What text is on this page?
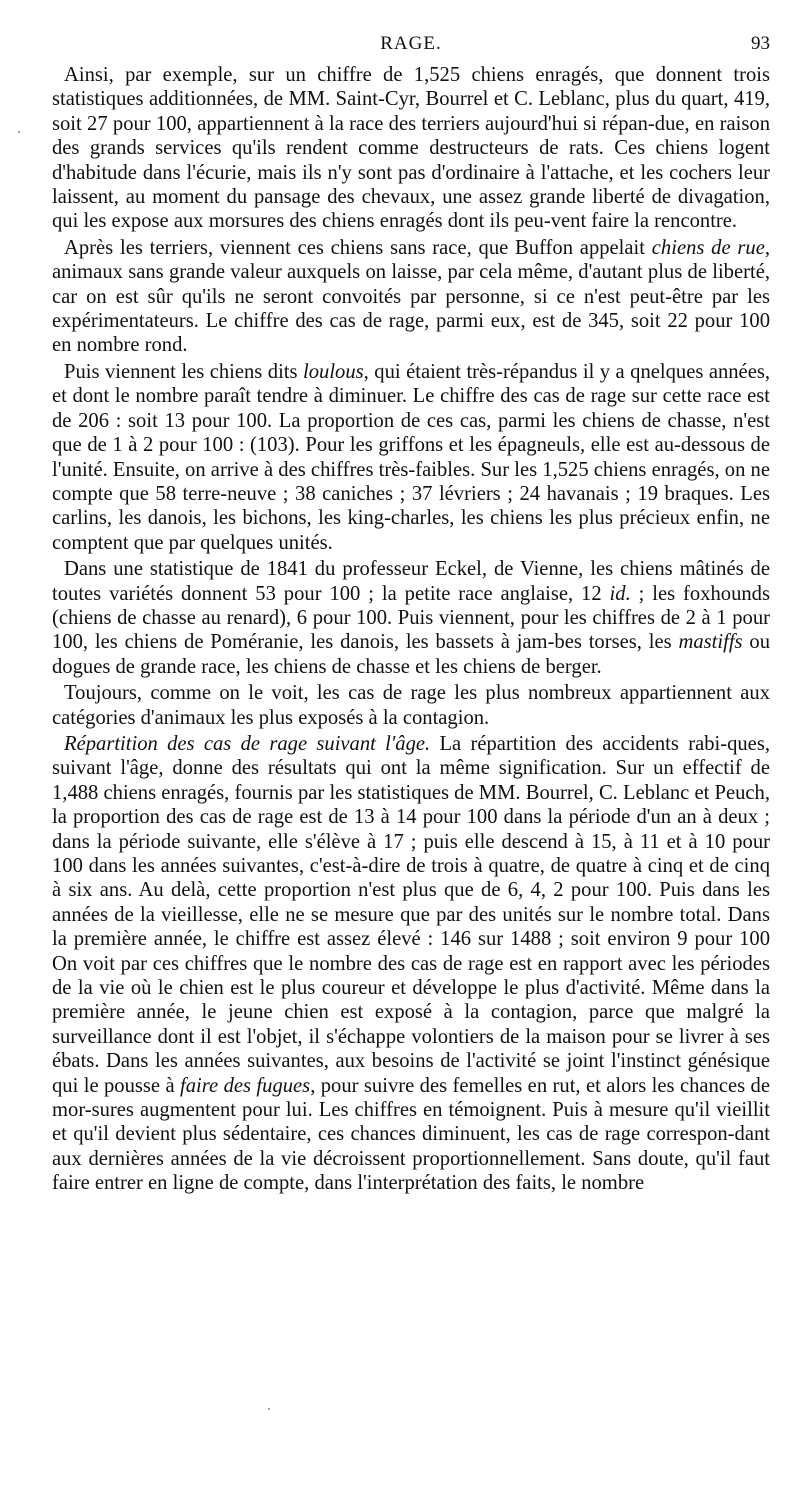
RAGE.	93

Ainsi, par exemple, sur un chiffre de 1,525 chiens enragés, que donnent trois statistiques additionnées, de MM. Saint-Cyr, Bourrel et C. Leblanc, plus du quart, 419, soit 27 pour 100, appartiennent à la race des terriers aujourd'hui si répan-due, en raison des grands services qu'ils rendent comme destructeurs de rats. Ces chiens logent d'habitude dans l'écurie, mais ils n'y sont pas d'ordinaire à l'attache, et les cochers leur laissent, au moment du pansage des chevaux, une assez grande liberté de divagation, qui les expose aux morsures des chiens enragés dont ils peu-vent faire la rencontre.

Après les terriers, viennent ces chiens sans race, que Buffon appelait chiens de rue, animaux sans grande valeur auxquels on laisse, par cela même, d'autant plus de liberté, car on est sûr qu'ils ne seront convoités par personne, si ce n'est peut-être par les expérimentateurs. Le chiffre des cas de rage, parmi eux, est de 345, soit 22 pour 100 en nombre rond.

Puis viennent les chiens dits loulous, qui étaient très-répandus il y a qnelques années, et dont le nombre paraît tendre à diminuer. Le chiffre des cas de rage sur cette race est de 206 : soit 13 pour 100. La proportion de ces cas, parmi les chiens de chasse, n'est que de 1 à 2 pour 100 : (103). Pour les griffons et les épagneuls, elle est au-dessous de l'unité. Ensuite, on arrive à des chiffres très-faibles. Sur les 1,525 chiens enragés, on ne compte que 58 terre-neuve ; 38 caniches ; 37 lévriers ; 24 havanais ; 19 braques. Les carlins, les danois, les bichons, les king-charles, les chiens les plus précieux enfin, ne comptent que par quelques unités.

Dans une statistique de 1841 du professeur Eckel, de Vienne, les chiens mâtinés de toutes variétés donnent 53 pour 100 ; la petite race anglaise, 12 id. ; les foxhounds (chiens de chasse au renard), 6 pour 100. Puis viennent, pour les chiffres de 2 à 1 pour 100, les chiens de Poméranie, les danois, les bassets à jam-bes torses, les mastiffs ou dogues de grande race, les chiens de chasse et les chiens de berger.

Toujours, comme on le voit, les cas de rage les plus nombreux appartiennent aux catégories d'animaux les plus exposés à la contagion.

Répartition des cas de rage suivant l'âge. La répartition des accidents rabi-ques, suivant l'âge, donne des résultats qui ont la même signification. Sur un effectif de 1,488 chiens enragés, fournis par les statistiques de MM. Bourrel, C. Leblanc et Peuch, la proportion des cas de rage est de 13 à 14 pour 100 dans la période d'un an à deux ; dans la période suivante, elle s'élève à 17 ; puis elle descend à 15, à 11 et à 10 pour 100 dans les années suivantes, c'est-à-dire de trois à quatre, de quatre à cinq et de cinq à six ans. Au delà, cette proportion n'est plus que de 6, 4, 2 pour 100. Puis dans les années de la vieillesse, elle ne se mesure que par des unités sur le nombre total. Dans la première année, le chiffre est assez élevé : 146 sur 1488 ; soit environ 9 pour 100 On voit par ces chiffres que le nombre des cas de rage est en rapport avec les périodes de la vie où le chien est le plus coureur et développe le plus d'activité. Même dans la première année, le jeune chien est exposé à la contagion, parce que malgré la surveillance dont il est l'objet, il s'échappe volontiers de la maison pour se livrer à ses ébats. Dans les années suivantes, aux besoins de l'activité se joint l'instinct génésique qui le pousse à faire des fugues, pour suivre des femelles en rut, et alors les chances de mor-sures augmentent pour lui. Les chiffres en témoignent. Puis à mesure qu'il vieillit et qu'il devient plus sédentaire, ces chances diminuent, les cas de rage correspon-dant aux dernières années de la vie décroissent proportionnellement. Sans doute, qu'il faut faire entrer en ligne de compte, dans l'interprétation des faits, le nombre
